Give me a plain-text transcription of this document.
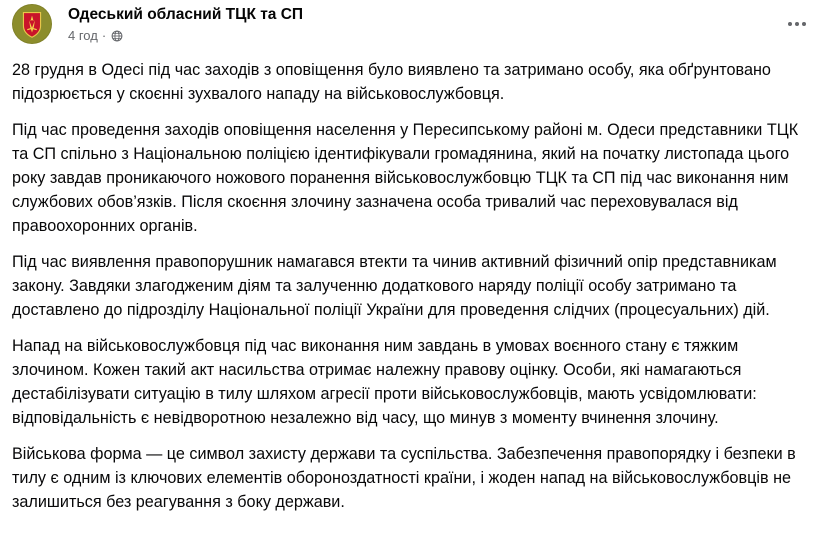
Одеський обласний ТЦК та СП
4 год ·

28 грудня в Одесі під час заходів з оповіщення було виявлено та затримано особу, яка обґрунтовано підозрюється у скоєнні зухвалого нападу на військовослужбовця.

Під час проведення заходів оповіщення населення у Пересипському районі м. Одеси представники ТЦК та СП спільно з Національною поліцією ідентифікували громадянина, який на початку листопада цього року завдав проникаючого ножового поранення військовослужбовцю ТЦК та СП під час виконання ним службових обов’язків. Після скоєння злочину зазначена особа тривалий час переховувалася від правоохоронних органів.

Під час виявлення правопорушник намагався втекти та чинив активний фізичний опір представникам закону. Завдяки злагодженим діям та залученню додаткового наряду поліції особу затримано та доставлено до підрозділу Національної поліції України для проведення слідчих (процесуальних) дій.

Напад на військовослужбовця під час виконання ним завдань в умовах воєнного стану є тяжким злочином. Кожен такий акт насильства отримає належну правову оцінку. Особи, які намагаються дестабілізувати ситуацію в тилу шляхом агресії проти військовослужбовців, мають усвідомлювати: відповідальність є невідворотною незалежно від часу, що минув з моменту вчинення злочину.

Військова форма — це символ захисту держави та суспільства. Забезпечення правопорядку і безпеки в тилу є одним із ключових елементів обороноздатності країни, і жоден напад на військовослужбовців не залишиться без реагування з боку держави.
